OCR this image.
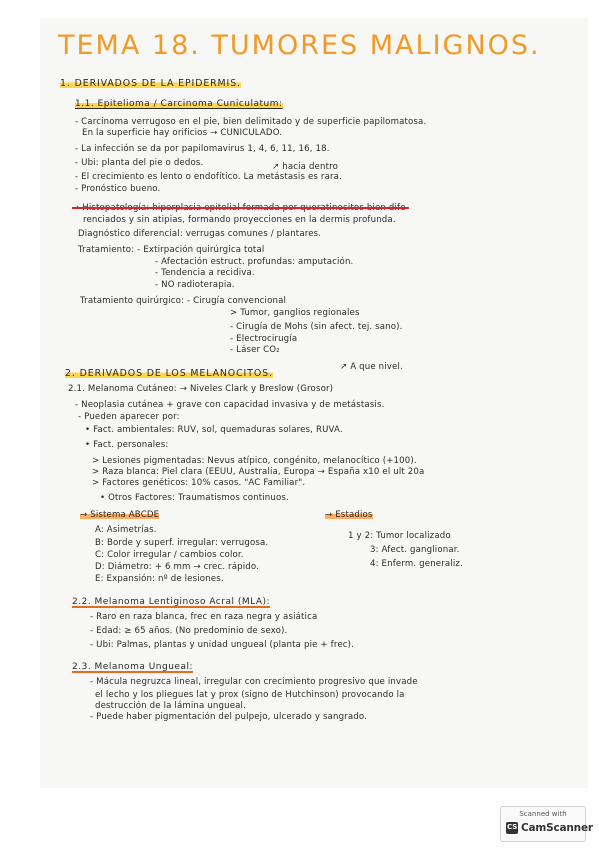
TEMA 18. TUMORES MALIGNOS.
1. DERIVADOS DE LA EPIDERMIS.
1.1. Epitelioma / Carcinoma Cuniculatum:
- Carcinoma verrugoso en el pie, bien delimitado y de superficie papilomatosa.
En la superficie hay orificios → CUNICULADO.
- La infección se da por papilomavirus 1, 4, 6, 11, 16, 18.
- Ubi: planta del pie o dedos.	↗ hacia dentro
- El crecimiento es lento o endofítico. La metástasis es rara.
- Pronóstico bueno.
→ Histopatología: hiperplasia epitelial formada por queratinocitos bien dife-
renciados y sin atipias, formando proyecciones en la dermis profunda.
Diagnóstico diferencial: verrugas comunes / plantares.
Tratamiento: - Extirpación quirúrgica total
- Afectación estruct. profundas: amputación.
- Tendencia a recidiva.
- NO radioterapia.
Tratamiento quirúrgico: - Cirugía convencional
> Tumor, ganglios regionales
- Cirugía de Mohs (sin afect. tej. sano).
- Electrocirugía
- Láser CO₂
↗ A que nivel.
2. DERIVADOS DE LOS MELANOCITOS.
2.1. Melanoma Cutáneo: → Niveles Clark y Breslow (Grosor)
- Neoplasia cutánea + grave con capacidad invasiva y de metástasis.
- Pueden aparecer por:
• Fact. ambientales: RUV, sol, quemaduras solares, RUVA.
• Fact. personales:
> Lesiones pigmentadas: Nevus atípico, congénito, melanocítico (+100).
> Raza blanca: Piel clara (EEUU, Australia, Europa → España x10 el ult 20a
> Factores genéticos: 10% casos. "AC Familiar".
• Otros Factores: Traumatismos continuos.
→ Sistema ABCDE	→ Estadios
A: Asimetrías.
B: Borde y superf. irregular: verrugosa.
C: Color irregular / cambios color.
D: Diámetro: + 6 mm → crec. rápido.
E: Expansión: nº de lesiones.
1 y 2: Tumor localizado
3: Afect. ganglionar.
4: Enferm. generaliz.
2.2. Melanoma Lentiginoso Acral (MLA):
- Raro en raza blanca, frec en raza negra y asiática
- Edad: ≥ 65 años. (No predominio de sexo).
- Ubi: Palmas, plantas y unidad ungueal (planta pie + frec).
2.3. Melanoma Ungueal:
- Mácula negruzca lineal, irregular con crecimiento progresivo que invade
el lecho y los pliegues lat y prox (signo de Hutchinson) provocando la
destrucción de la lámina ungueal.
- Puede haber pigmentación del pulpejo, ulcerado y sangrado.
Scanned with
CS
CamScanner
